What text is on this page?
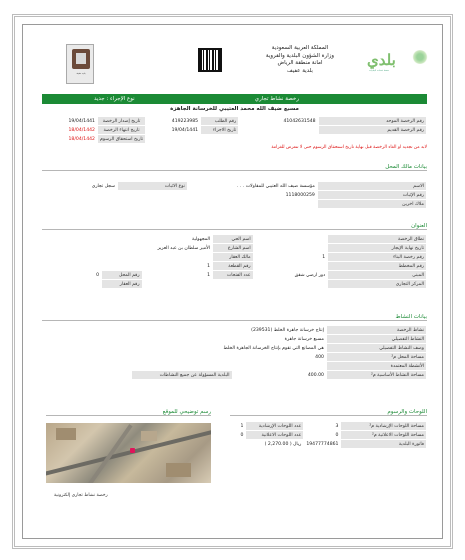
بلدية عفيف
المملكة العربية السعودية
وزارة الشؤون البلدية والقروية
امانة منطقة الرياض
بلدية عفيف
بلدي
منصة خدمات البلديات
رخصة نشاط تجاري
نوع الإجراء : جديد
مسبع ضيف الله محمد العتيبي للخرسانة الجاهزة
19/04/1441	تاريخ إصدار الرخصة	419223985	رقم الطلب	41042631548	رقم الرخصة الموحد
18/04/1442	تاريخ انتهاء الرخصة	19/04/1441	تاريخ الاجراء		رقم الرخصة القديم
18/04/1442	تاريخ استحقاق الرسوم				
لابد من تجديد او الغاء الرخصة قبل نهاية تاريخ استحقاق الرسوم حتى لا تتعرض للغرامة
بيانات مالك المحل
سجل تجاري	نوع الاثبات	. . . مؤسسة ضيف الله العتيبي للمقاولات	الاسم
		1118000259	رقم الإثبات
			ملاك اخرين
العنوان
		المجهولية	اسم الحي		نطاق الرخصة
		الأمير سلطان بن عبد العزيز	اسم الشارع		تاريخ نهاية الإيجار
			مالك العقار	1	رقم رخصة البناء
		1	رقم القطعة		رقم المخطط
0	رقم المحل	1	عدد الفتحات	دور ارضي شقق	المبنى
	رقم العقار				المركز التجاري
بيانات النشاط
إنتاج خرسانة جاهزة الخلط (239531)			نشاط الرخصة
مسبع خرسانة جاهزة			النشاط التفصيلي
هي المصانع التي تقوم بإنتاج الخرسانة الجاهزة الخلط			وصف النشاط التفصيلي
400			مساحة المحل م²
			الأنشطة المعتمدة
	البلدية المسؤولة عن جميع النشاطات	400.00	مساحة النشاط الأساسية م²
اللوحات والرسوم
رسم توضيحي للموقع
1	عدد اللوحات الإرشادية	3	مساحة اللوحات الإرشادية م²
0	عدد اللوحات الاعلانية	0	مساحة اللوحات الاعلانية م²
( 2,270.00 ) ريال		19477774861	فاتورة البلدية
رخصة نشاط تجاري إلكترونية
